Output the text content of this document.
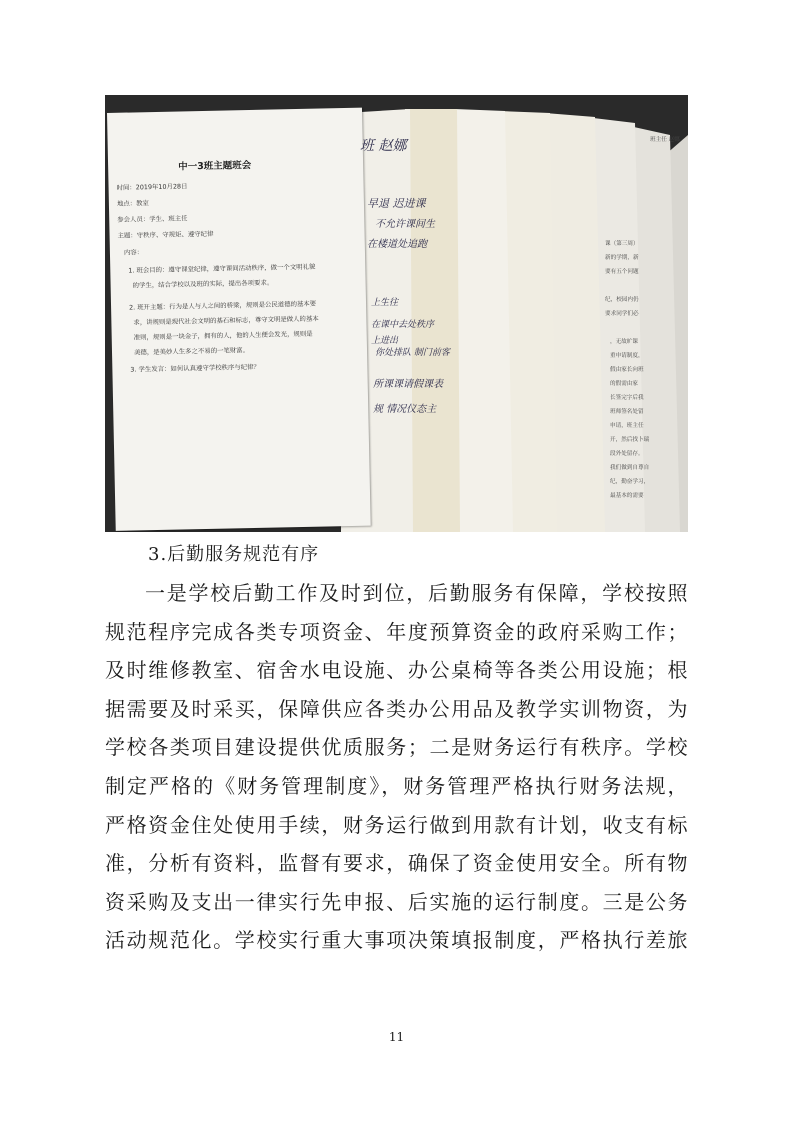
中一3班主题班会
时间：2019年10月28日
地点：教室
参会人员：学生、班主任
主题：守秩序、守规矩、遵守纪律
内容：
1. 班会目的：遵守课堂纪律，遵守课间活动秩序，做一个文明礼貌
的学生，结合学校以及班的实际，提出各项要求。
2. 班开主题：行为是人与人之间的桥梁，规则是公民道德的基本要
求，讲规则是现代社会文明的基石和标志，尊守文明是做人的基本
准则，规则是一块金子，拥有的人，他的人生便会发光，规则是
美德，是美妙人生多之不易的一笔财富。
3. 学生发言：如何认真遵守学校秩序与纪律？
班 赵娜
早退 迟进课
不允许课间生
在楼道处追跑
上生往
在课中去处秩序
上进出
你处排队 制门前客
所课课请假课表
规 情况仪态主
课（第三周）
新的学期，新
要有五个问题
纪，校园内仍
要求同学们必
，无故旷课
重申请制度，
假由家长向班
的假需由家
长签完字后我
班师签名处留
申请，班主任
开，然后找卜瑞
段外处留存。
我们做到自尊自
纪，勤奋学习，
最基本的需要
班主任 赵娜
3.后勤服务规范有序
一是学校后勤工作及时到位，后勤服务有保障，学校按照
规范程序完成各类专项资金、年度预算资金的政府采购工作；
及时维修教室、宿舍水电设施、办公桌椅等各类公用设施；根
据需要及时采买，保障供应各类办公用品及教学实训物资，为
学校各类项目建设提供优质服务；二是财务运行有秩序。学校
制定严格的《财务管理制度》，财务管理严格执行财务法规，
严格资金住处使用手续，财务运行做到用款有计划，收支有标
准，分析有资料，监督有要求，确保了资金使用安全。所有物
资采购及支出一律实行先申报、后实施的运行制度。三是公务
活动规范化。学校实行重大事项决策填报制度，严格执行差旅
11
